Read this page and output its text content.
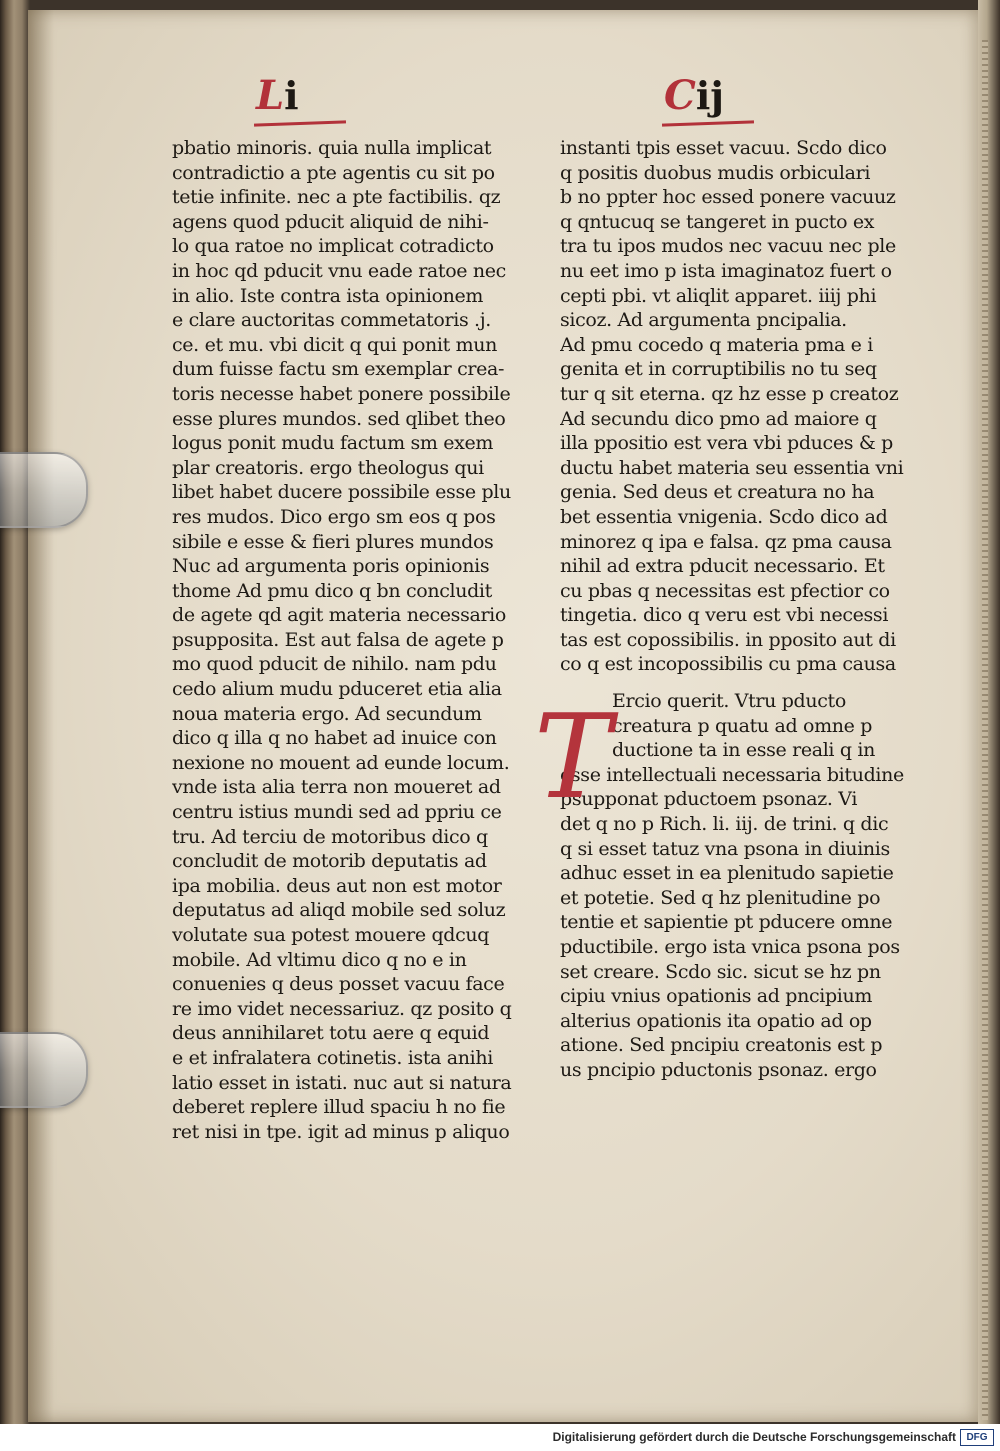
Li	Cij
pbatio minoris. quia nulla implicat
contradictio a pte agentis cu sit po
tetie infinite. nec a pte factibilis. qz
agens quod pducit aliquid de nihi-
lo qua ratoe no implicat cotradicto
in hoc qd pducit vnu eade ratoe nec
in alio. Iste contra ista opinionem
e clare auctoritas commetatoris .j.
ce. et mu. vbi dicit q qui ponit mun
dum fuisse factu sm exemplar crea-
toris necesse habet ponere possibile
esse plures mundos. sed qlibet theo
logus ponit mudu factum sm exem
plar creatoris. ergo theologus qui
libet habet ducere possibile esse plu
res mudos. Dico ergo sm eos q pos
sibile e esse & fieri plures mundos
Nuc ad argumenta poris opinionis
thome Ad pmu dico q bn concludit
de agete qd agit materia necessario
psupposita. Est aut falsa de agete p
mo quod pducit de nihilo. nam pdu
cedo alium mudu pduceret etia alia
noua materia ergo. Ad secundum
dico q illa q no habet ad inuice con
nexione no mouent ad eunde locum.
vnde ista alia terra non moueret ad
centru istius mundi sed ad ppriu ce
tru. Ad terciu de motoribus dico q
concludit de motorib deputatis ad
ipa mobilia. deus aut non est motor
deputatus ad aliqd mobile sed soluz
volutate sua potest mouere qdcuq
mobile. Ad vltimu dico q no e in
conuenies q deus posset vacuu face
re imo videt necessariuz. qz posito q
deus annihilaret totu aere q equid
e et infralatera cotinetis. ista anihi
latio esset in istati. nuc aut si natura
deberet replere illud spaciu h no fie
ret nisi in tpe. igit ad minus p aliquo
instanti tpis esset vacuu. Scdo dico
q positis duobus mudis orbiculari
b no ppter hoc essed ponere vacuuz
q qntucuq se tangeret in pucto ex
tra tu ipos mudos nec vacuu nec ple
nu eet imo p ista imaginatoz fuert o
cepti pbi. vt aliqlit apparet. iiij phi
sicoz. Ad argumenta pncipalia.
Ad pmu cocedo q materia pma e i
genita et in corruptibilis no tu seq
tur q sit eterna. qz hz esse p creatoz
Ad secundu dico pmo ad maiore q
illa ppositio est vera vbi pduces & p
ductu habet materia seu essentia vni
genia. Sed deus et creatura no ha
bet essentia vnigenia. Scdo dico ad
minorez q ipa e falsa. qz pma causa
nihil ad extra pducit necessario. Et
cu pbas q necessitas est pfectior co
tingetia. dico q veru est vbi necessi
tas est copossibilis. in pposito aut di
co q est incopossibilis cu pma causa
Ercio querit. Vtru pducto
creatura p quatu ad omne p
ductione ta in esse reali q in
esse intellectuali necessaria bitudine
psupponat pductoem psonaz. Vi
det q no p Rich. li. iij. de trini. q dic
q si esset tatuz vna psona in diuinis
adhuc esset in ea plenitudo sapietie
et potetie. Sed q hz plenitudine po
tentie et sapientie pt pducere omne
pductibile. ergo ista vnica psona pos
set creare. Scdo sic. sicut se hz pn
cipiu vnius opationis ad pncipium
alterius opationis ita opatio ad op
atione. Sed pncipiu creatonis est p
us pncipio pductonis psonaz. ergo
T
Digitalisierung gefördert durch die Deutsche Forschungsgemeinschaft	DFG
